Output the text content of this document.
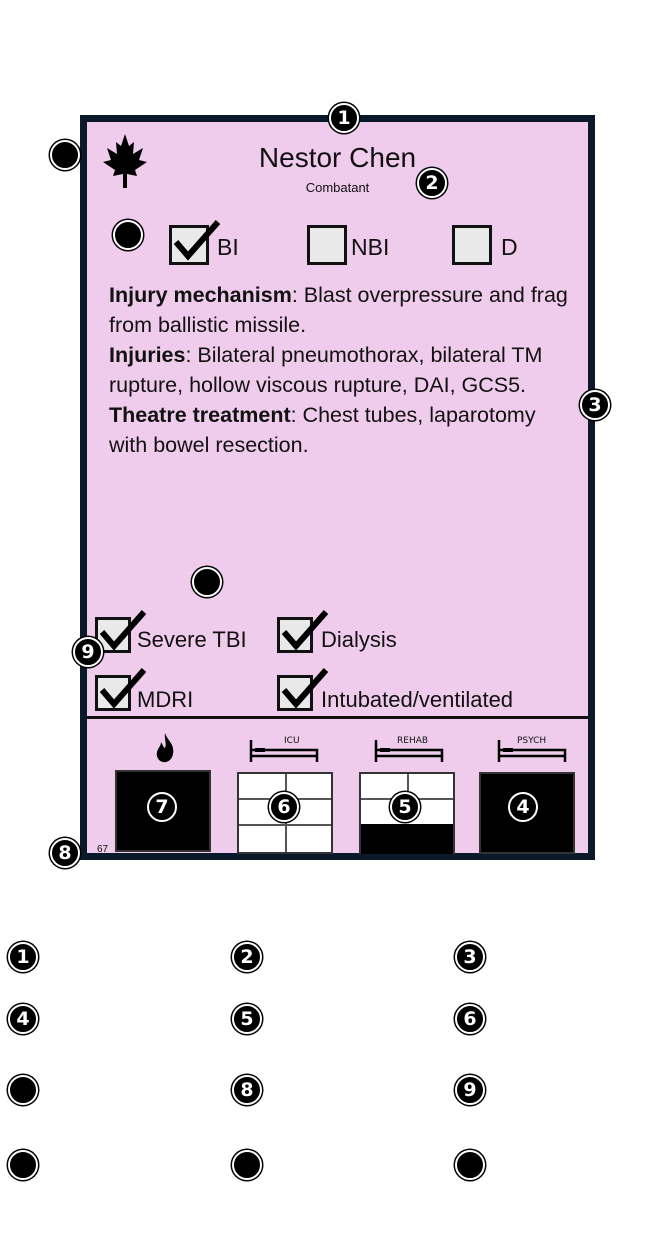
Nestor Chen
Combatant
BI	NBI	D
Injury mechanism: Blast overpressure and frag from ballistic missile.
Injuries: Bilateral pneumothorax, bilateral TM rupture, hollow viscous rupture, DAI, GCS5.
Theatre treatment: Chest tubes, laparotomy with bowel resection.
Severe TBI	Dialysis
MDRI	Intubated/ventilated
ICU	REHAB	PSYCH
67
1
2
3
4
5
6
7
8
9
1	2	3
4	5	6
8	9
